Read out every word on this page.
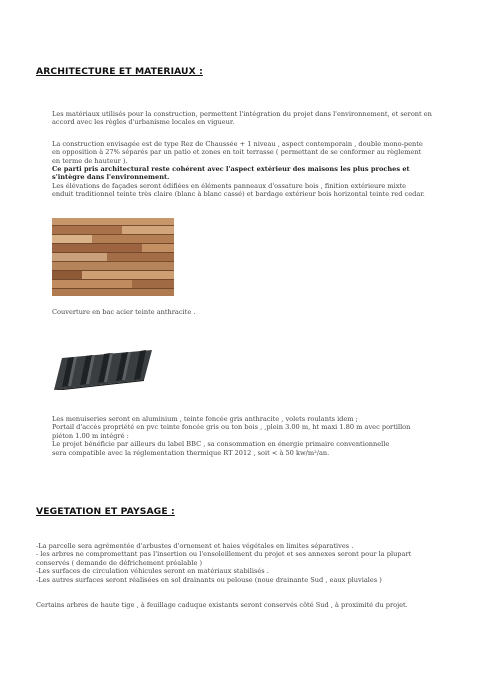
ARCHITECTURE ET MATERIAUX :

Les matériaux utilisés pour la construction, permettent l'intégration du projet dans l'environnement, et seront en
accord avec les règles d'urbanisme locales en vigueur.

La construction envisagée est de type Rez de Chaussée + 1 niveau , aspect contemporain , double mono-pente
en opposition à 27% séparés par un patio et zones en toit terrasse ( permettant de se conformer au règlement
en terme de hauteur ).

Ce parti pris architectural reste cohérent avec l'aspect extérieur des maisons les plus proches et
s'intègre dans l'environnement.

Les élévations de façades seront édifiées en éléments panneaux d'ossature bois , finition extérieure mixte
enduit traditionnel teinte très claire (blanc à blanc cassé) et bardage extérieur bois horizontal teinte red cedar.

Couverture en bac acier teinte anthracite .

Les menuiseries seront en aluminium , teinte foncée gris anthracite , volets roulants idem ;
Portail d'accès propriété en pvc teinte foncée gris ou ton bois , ,plein 3.00 m, ht maxi 1.80 m avec portillon
piéton 1.00 m intégré :
Le projet bénéficie par ailleurs du label BBC , sa consommation en énergie primaire conventionnelle
sera compatible avec la réglementation thermique RT 2012 , soit < à 50 kw/m²/an.

VEGETATION ET PAYSAGE :

-La parcelle sera agrémentée d'arbustes d'ornement et haies végétales en limites séparatives .
- les arbres ne compromettant pas l'insertion ou l'ensoleillement du projet et ses annexes seront pour la plupart
conservés ( demande de défrichement préalable )
-Les surfaces de circulation véhicules seront en matériaux stabilisés .
-Les autres surfaces seront réalisées en sol drainants ou pelouse (noue drainante Sud , eaux pluviales )

Certains arbres de haute tige , à feuillage caduque existants seront conservés côté Sud , à proximité du projet.
